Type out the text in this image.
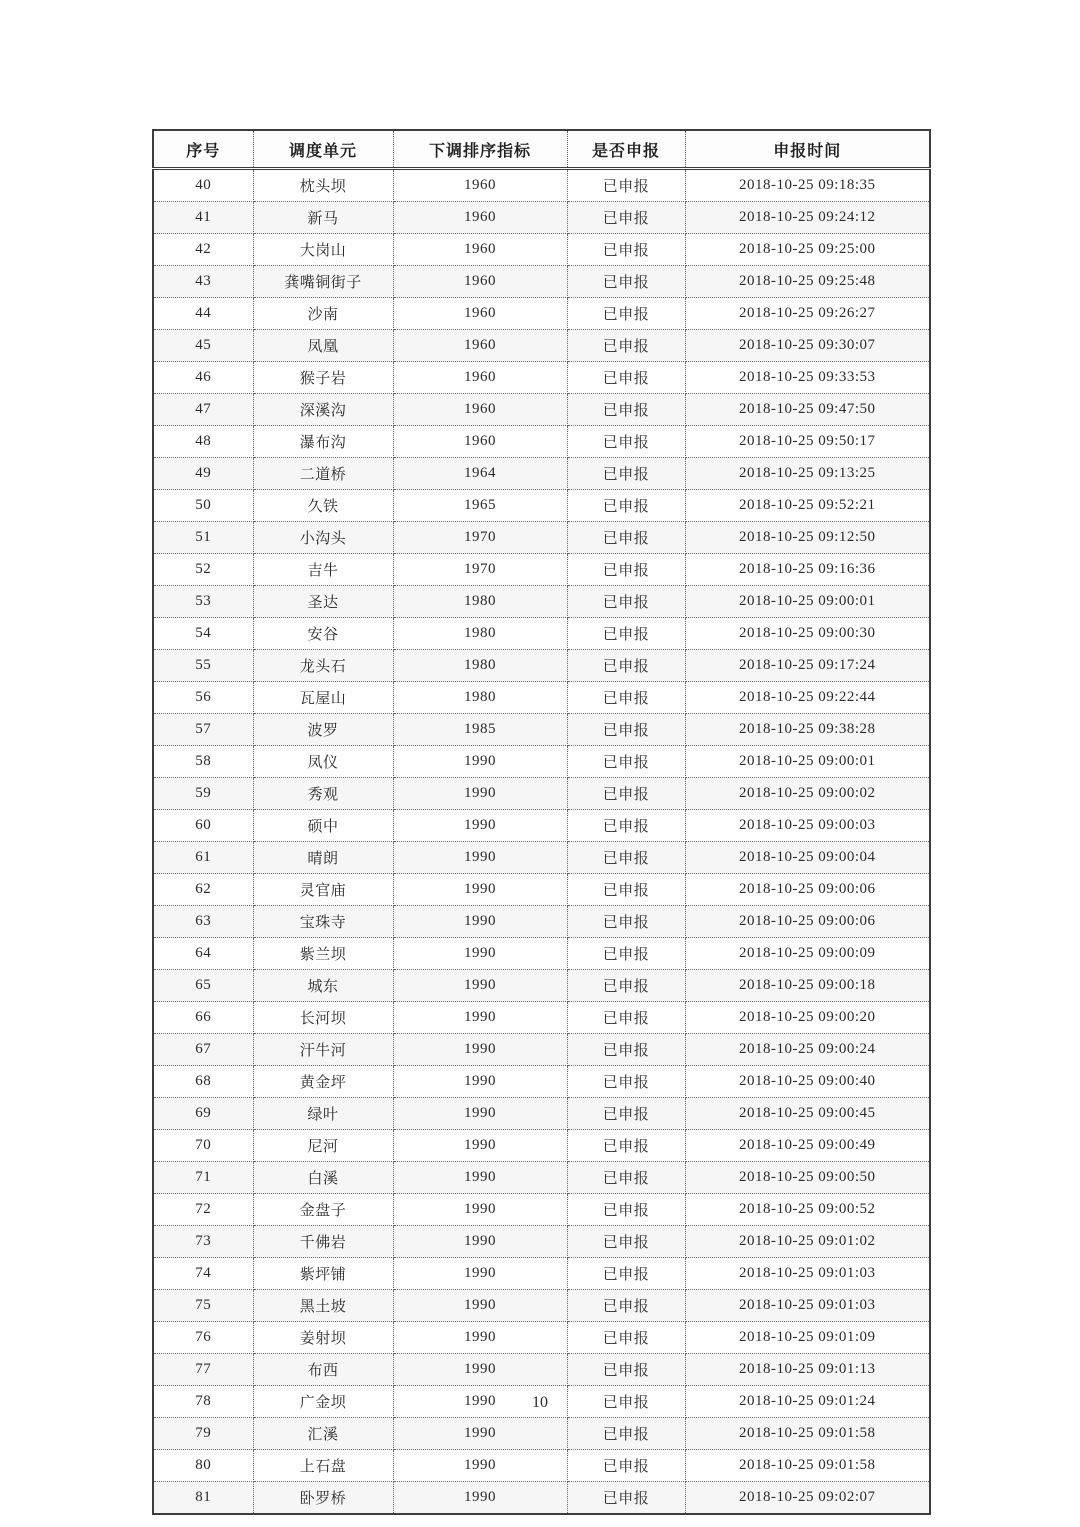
序号	调度单元	下调排序指标	是否申报	申报时间
40	枕头坝	1960	已申报	2018-10-25 09:18:35
41	新马	1960	已申报	2018-10-25 09:24:12
42	大岗山	1960	已申报	2018-10-25 09:25:00
43	龚嘴铜街子	1960	已申报	2018-10-25 09:25:48
44	沙南	1960	已申报	2018-10-25 09:26:27
45	凤凰	1960	已申报	2018-10-25 09:30:07
46	猴子岩	1960	已申报	2018-10-25 09:33:53
47	深溪沟	1960	已申报	2018-10-25 09:47:50
48	瀑布沟	1960	已申报	2018-10-25 09:50:17
49	二道桥	1964	已申报	2018-10-25 09:13:25
50	久铁	1965	已申报	2018-10-25 09:52:21
51	小沟头	1970	已申报	2018-10-25 09:12:50
52	吉牛	1970	已申报	2018-10-25 09:16:36
53	圣达	1980	已申报	2018-10-25 09:00:01
54	安谷	1980	已申报	2018-10-25 09:00:30
55	龙头石	1980	已申报	2018-10-25 09:17:24
56	瓦屋山	1980	已申报	2018-10-25 09:22:44
57	波罗	1985	已申报	2018-10-25 09:38:28
58	凤仪	1990	已申报	2018-10-25 09:00:01
59	秀观	1990	已申报	2018-10-25 09:00:02
60	硕中	1990	已申报	2018-10-25 09:00:03
61	晴朗	1990	已申报	2018-10-25 09:00:04
62	灵官庙	1990	已申报	2018-10-25 09:00:06
63	宝珠寺	1990	已申报	2018-10-25 09:00:06
64	紫兰坝	1990	已申报	2018-10-25 09:00:09
65	城东	1990	已申报	2018-10-25 09:00:18
66	长河坝	1990	已申报	2018-10-25 09:00:20
67	汗牛河	1990	已申报	2018-10-25 09:00:24
68	黄金坪	1990	已申报	2018-10-25 09:00:40
69	绿叶	1990	已申报	2018-10-25 09:00:45
70	尼河	1990	已申报	2018-10-25 09:00:49
71	白溪	1990	已申报	2018-10-25 09:00:50
72	金盘子	1990	已申报	2018-10-25 09:00:52
73	千佛岩	1990	已申报	2018-10-25 09:01:02
74	紫坪铺	1990	已申报	2018-10-25 09:01:03
75	黑土坡	1990	已申报	2018-10-25 09:01:03
76	姜射坝	1990	已申报	2018-10-25 09:01:09
77	布西	1990	已申报	2018-10-25 09:01:13
78	广金坝	1990	已申报	2018-10-25 09:01:24
79	汇溪	1990	已申报	2018-10-25 09:01:58
80	上石盘	1990	已申报	2018-10-25 09:01:58
81	卧罗桥	1990	已申报	2018-10-25 09:02:07
10
